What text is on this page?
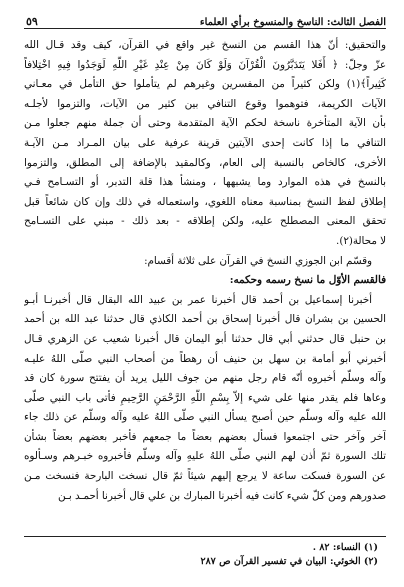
٥٩	الفصل الثالث: الناسخ والمنسوخ برأي العلماء
والتحقيق: أنّ هذا القسم من النسخ غير واقع في القرآن، كيف وقد قـال الله
عزّ وجلّ: ﴿ أَفَلا يَتَدَبَّرُونَ الْقُرْآنَ وَلَوْ كَانَ مِنْ عِنْدِ غَيْرِ اللَّهِ لَوَجَدُوا فِيهِ اخْتِلافاً
كَثِيراً﴾(١) ولكن كثيراً من المفسرين وغيرهم لم يتأملوا حق التأمل في معـاني
الآيات الكريمة، فتوهموا وقوع التنافي بين كثير من الآيات، والتزموا لأجلـه
بأن الآية المتأخرة ناسخة لحكم الآية المتقدمة وحتى أن جملة منهم جعلوا مـن
التنافي ما إذا كانت إحدى الآيتين قرينة عرفية على بيان المـراد مـن الآيـة
الأخرى، كالخاص بالنسبة إلى العام، وكالمقيد بالإضافة إلى المطلق، والتزموا
بالنسخ في هذه الموارد وما يشبهها ، ومنشأ هذا قلة التدبر، أو التسـامح فـي
إطلاق لفظ النسخ بمناسبة معناه اللغوي، واستعماله في ذلك وإن كان شائعاً قبل
تحقق المعنى المصطلح عليه، ولكن إطلاقه - بعد ذلك - مبني على التسـامح
لا محالة(٢).
وقسّم ابن الجوزي النسخ في القرآن على ثلاثة أقسام:
فالقسم الأوّل ما نسخ رسمه وحكمه:
أخبرنا إسماعيل بن أحمد قال أخبرنا عمر بن عبيد الله البقال قال أخبرنـا أبـو
الحسين بن بشران قال أخبرنا إسحاق بن أحمد الكاذي قال حدثنا عبد الله بن أحمد
بن حنبل قال حدثني أبي قال حدثنا أبو اليمان قال أخبرنا شعيب عن الزهري قـال
أخبرني أبو أمامة بن سهل بن حنيف أن رهطاً من أصحاب النبي صلّى اللهُ عليـه
وآله وسلّم أخبروه أنّه قام رجل منهم من جوف الليل يريد أن يفتتح سورة كان قد
وعاها فلم يقدر منها على شيء إلاّ بِسْمِ اللَّهِ الرَّحْمَنِ الرَّحِيمِ فأتى باب النبي صلّى
الله عليه وآله وسلّم حين أصبح يسأل النبي صلّى اللهُ عليه وآله وسلّم عن ذلك جاء
آخر وآخر حتى اجتمعوا فسأل بعضهم بعضاً ما جمعهم فأخبر بعضهم بعضاً بشأن
تلك السورة ثمّ أذن لهم النبي صلّى اللهُ عليهِ وآله وسلّم فأخبروه خبـرهم وسـألوه
عن السورة فسكت ساعة لا يرجع إليهم شيئاً ثمّ قال نسخت البارحة فنسخت مـن
صدورهم ومن كلّ شيء كانت فيه أخبرنا المبارك بن علي قال أخبرنا أحمـد بـن
(١) النساء: ٨٢ .
(٢) الخوئي: البيان في تفسير القرآن ص ٢٨٧
